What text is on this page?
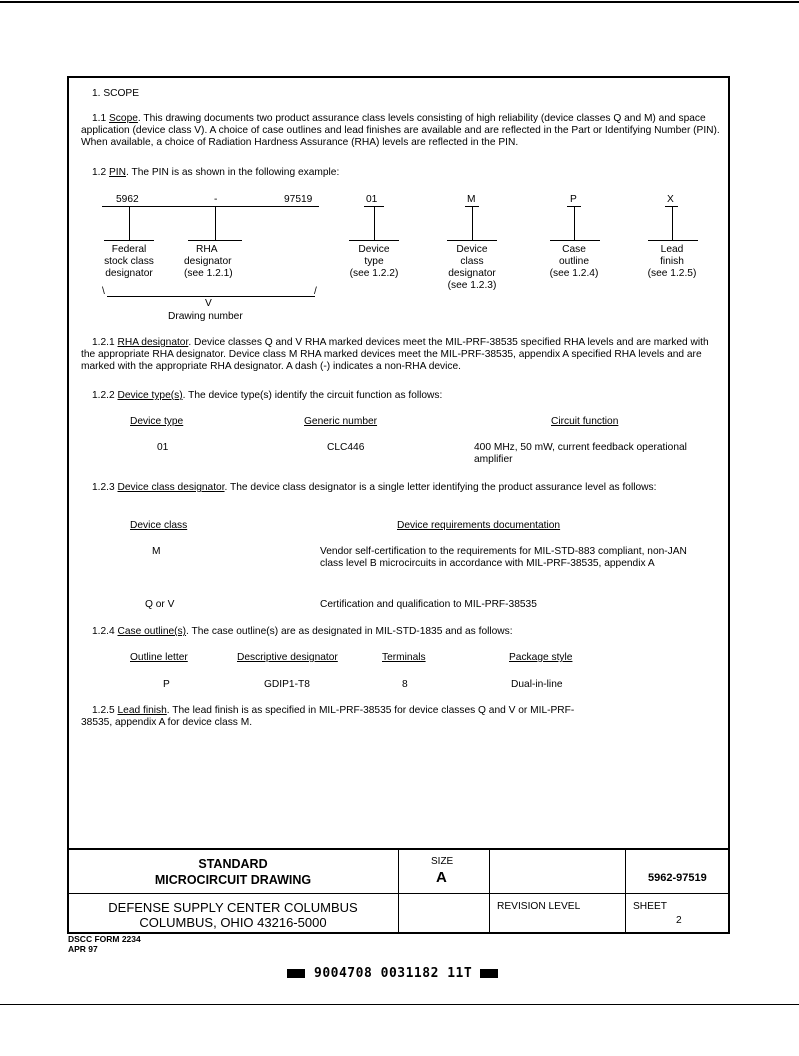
1. SCOPE
1.1 Scope. This drawing documents two product assurance class levels consisting of high reliability (device classes Q and M) and space application (device class V). A choice of case outlines and lead finishes are available and are reflected in the Part or Identifying Number (PIN). When available, a choice of Radiation Hardness Assurance (RHA) levels are reflected in the PIN.
1.2 PIN. The PIN is as shown in the following example:
5962	-	97519	01	M	P	X
Federal
stock class
designator
RHA
designator
(see 1.2.1)
Device
type
(see 1.2.2)
Device
class
designator
(see 1.2.3)
Case
outline
(see 1.2.4)
Lead
finish
(see 1.2.5)
\	/
V
Drawing number
1.2.1 RHA designator. Device classes Q and V RHA marked devices meet the MIL-PRF-38535 specified RHA levels and are marked with the appropriate RHA designator. Device class M RHA marked devices meet the MIL-PRF-38535, appendix A specified RHA levels and are marked with the appropriate RHA designator. A dash (-) indicates a non-RHA device.
1.2.2 Device type(s). The device type(s) identify the circuit function as follows:
Device type	Generic number	Circuit function
01	CLC446	400 MHz, 50 mW, current feedback operational amplifier
1.2.3 Device class designator. The device class designator is a single letter identifying the product assurance level as follows:
Device class	Device requirements documentation
M	Vendor self-certification to the requirements for MIL-STD-883 compliant, non-JAN class level B microcircuits in accordance with MIL-PRF-38535, appendix A
Q or V	Certification and qualification to MIL-PRF-38535
1.2.4 Case outline(s). The case outline(s) are as designated in MIL-STD-1835 and as follows:
Outline letter	Descriptive designator	Terminals	Package style
P	GDIP1-T8	8	Dual-in-line
1.2.5 Lead finish. The lead finish is as specified in MIL-PRF-38535 for device classes Q and V or MIL-PRF-38535, appendix A for device class M.
STANDARD
MICROCIRCUIT DRAWING
SIZE
A	5962-97519
DEFENSE SUPPLY CENTER COLUMBUS
COLUMBUS, OHIO 43216-5000
REVISION LEVEL	SHEET
2
DSCC FORM 2234
APR 97
9004708 0031182 11T
